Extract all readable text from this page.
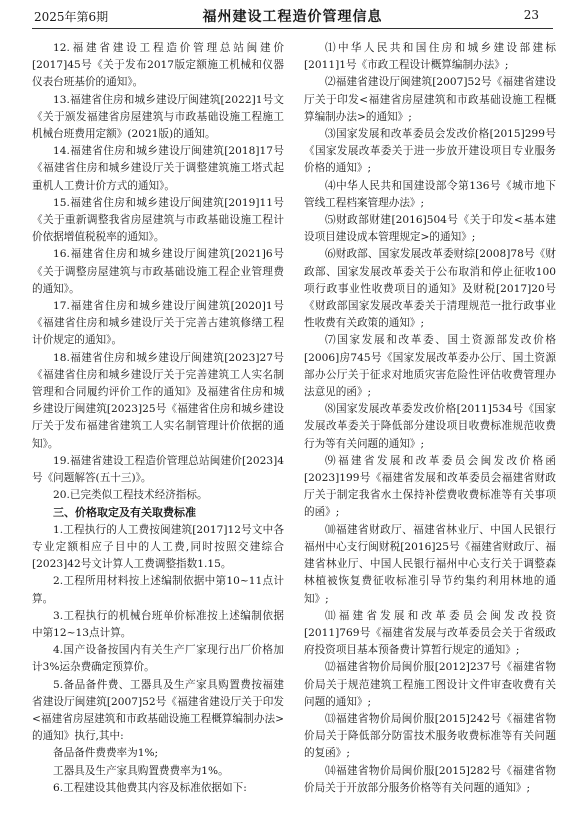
2025年第6期	福州建设工程造价管理信息	23

12.福建省建设工程造价管理总站闽建价[2017]45号《关于发布2017版定额施工机械和仪器仪表台班基价的通知》。

13.福建省住房和城乡建设厅闽建筑[2022]1号文《关于颁发福建省房屋建筑与市政基础设施工程施工机械台班费用定额》(2021版)的通知。

14.福建省住房和城乡建设厅闽建筑[2018]17号《福建省住房和城乡建设厅关于调整建筑施工塔式起重机人工费计价方式的通知》。

15.福建省住房和城乡建设厅闽建筑[2019]11号《关于重新调整我省房屋建筑与市政基础设施工程计价依据增值税税率的通知》。

16.福建省住房和城乡建设厅闽建筑[2021]6号《关于调整房屋建筑与市政基础设施工程企业管理费的通知》。

17.福建省住房和城乡建设厅闽建筑[2020]1号《福建省住房和城乡建设厅关于完善古建筑修缮工程计价规定的通知》。

18.福建省住房和城乡建设厅闽建筑[2023]27号《福建省住房和城乡建设厅关于完善建筑工人实名制管理和合同履约评价工作的通知》及福建省住房和城乡建设厅闽建筑[2023]25号《福建省住房和城乡建设厅关于发布福建省建筑工人实名制管理计价依据的通知》。

19.福建省建设工程造价管理总站闽建价[2023]4号《问题解答(五十三)》。

20.已完类似工程技术经济指标。

三、价格取定及有关取费标准

1.工程执行的人工费按闽建筑[2017]12号文中各专业定额相应子目中的人工费,同时按照交建综合[2023]42号文计算人工费调整指数1.15。

2.工程所用材料按上述编制依据中第10~11点计算。

3.工程执行的机械台班单价标准按上述编制依据中第12~13点计算。

4.国产设备按国内有关生产厂家现行出厂价格加计3%运杂费确定预算价。

5.备品备件费、工器具及生产家具购置费按福建省建设厅闽建筑[2007]52号《福建省建设厅关于印发<福建省房屋建筑和市政基础设施工程概算编制办法>的通知》执行,其中:

备品备件费费率为1%;

工器具及生产家具购置费费率为1%。

6.工程建设其他费其内容及标准依据如下:

⑴中华人民共和国住房和城乡建设部建标[2011]1号《市政工程设计概算编制办法》;

⑵福建省建设厅闽建筑[2007]52号《福建省建设厅关于印发<福建省房屋建筑和市政基础设施工程概算编制办法>的通知》;

⑶国家发展和改革委员会发改价格[2015]299号《国家发展改革委关于进一步放开建设项目专业服务价格的通知》;

⑷中华人民共和国建设部令第136号《城市地下管线工程档案管理办法》;

⑸财政部财建[2016]504号《关于印发<基本建设项目建设成本管理规定>的通知》;

⑹财政部、国家发展改革委财综[2008]78号《财政部、国家发展改革委关于公布取消和停止征收100项行政事业性收费项目的通知》及财税[2017]20号《财政部国家发展改革委关于清理规范一批行政事业性收费有关政策的通知》;

⑺国家发展和改革委、国土资源部发改价格[2006]房745号《国家发展改革委办公厅、国土资源部办公厅关于征求对地质灾害危险性评估收费管理办法意见的函》;

⑻国家发展改革委发改价格[2011]534号《国家发展改革委关于降低部分建设项目收费标准规范收费行为等有关问题的通知》;

⑼福建省发展和改革委员会闽发改价格函[2023]199号《福建省发展和改革委员会福建省财政厅关于制定我省水土保持补偿费收费标准等有关事项的函》;

⑽福建省财政厅、福建省林业厅、中国人民银行福州中心支行闽财税[2016]25号《福建省财政厅、福建省林业厅、中国人民银行福州中心支行关于调整森林植被恢复费征收标准引导节约集约利用林地的通知》;

⑾福建省发展和改革委员会闽发改投资[2011]769号《福建省发展与改革委员会关于省级政府投资项目基本预备费计算暂行规定的通知》;

⑿福建省物价局闽价服[2012]237号《福建省物价局关于规范建筑工程施工图设计文件审查收费有关问题的通知》;

⒀福建省物价局闽价服[2015]242号《福建省物价局关于降低部分防雷技术服务收费标准等有关问题的复函》;

⒁福建省物价局闽价服[2015]282号《福建省物价局关于开放部分服务价格等有关问题的通知》;
